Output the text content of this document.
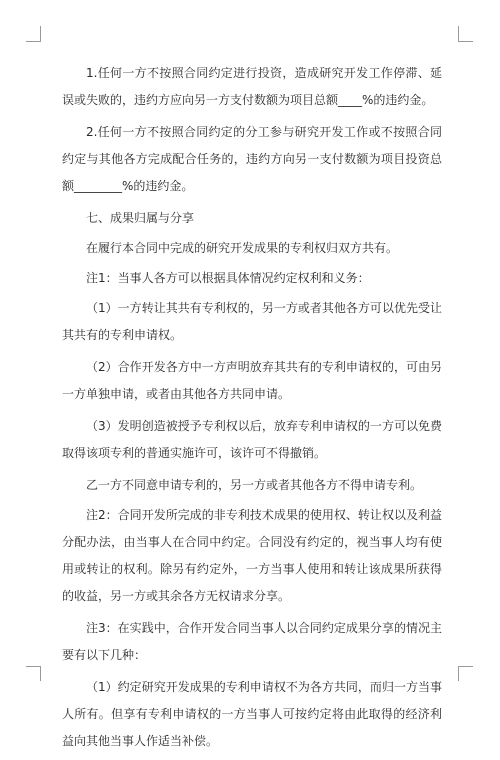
1.任何一方不按照合同约定进行投资，造成研究开发工作停滞、延误或失败的，违约方应向另一方支付数额为项目总额____%的违约金。

2.任何一方不按照合同约定的分工参与研究开发工作或不按照合同约定与其他各方完成配合任务的，违约方向另一支付数额为项目投资总额________%的违约金。

七、成果归属与分享

在履行本合同中完成的研究开发成果的专利权归双方共有。

注1：当事人各方可以根据具体情况约定权利和义务：

（1）一方转让其共有专利权的，另一方或者其他各方可以优先受让其共有的专利申请权。

（2）合作开发各方中一方声明放弃其共有的专利申请权的，可由另一方单独申请，或者由其他各方共同申请。

（3）发明创造被授予专利权以后，放弃专利申请权的一方可以免费取得该项专利的普通实施许可，该许可不得撤销。

乙一方不同意申请专利的，另一方或者其他各方不得申请专利。

注2：合同开发所完成的非专利技术成果的使用权、转让权以及利益分配办法，由当事人在合同中约定。合同没有约定的，视当事人均有使用或转让的权利。除另有约定外，一方当事人使用和转让该成果所获得的收益，另一方或其余各方无权请求分享。

注3：在实践中，合作开发合同当事人以合同约定成果分享的情况主要有以下几种：

（1）约定研究开发成果的专利申请权不为各方共同，而归一方当事人所有。但享有专利申请权的一方当事人可按约定将由此取得的经济利益向其他当事人作适当补偿。
